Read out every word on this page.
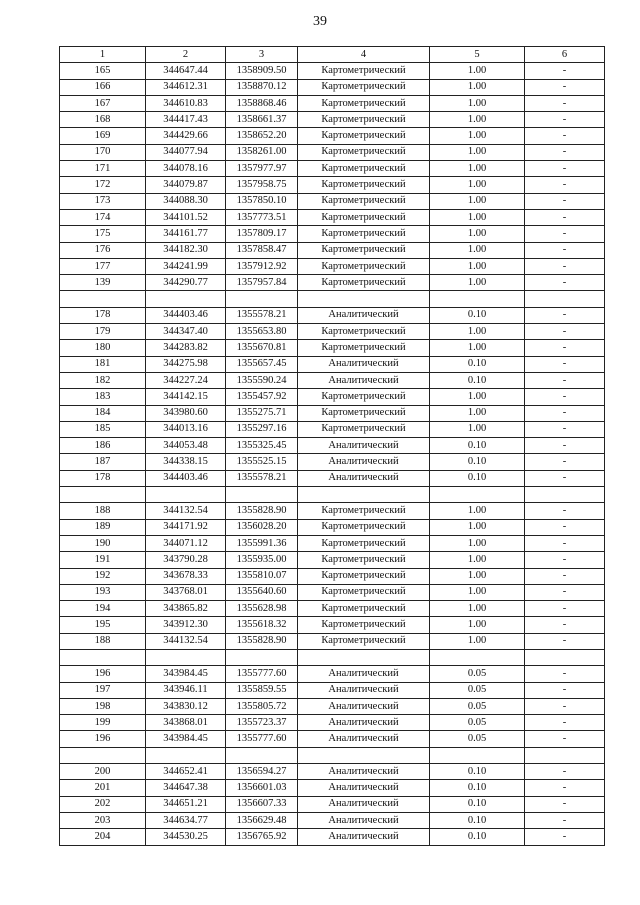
39
1	2	3	4	5	6
165	344647.44	1358909.50	Картометрический	1.00	-
166	344612.31	1358870.12	Картометрический	1.00	-
167	344610.83	1358868.46	Картометрический	1.00	-
168	344417.43	1358661.37	Картометрический	1.00	-
169	344429.66	1358652.20	Картометрический	1.00	-
170	344077.94	1358261.00	Картометрический	1.00	-
171	344078.16	1357977.97	Картометрический	1.00	-
172	344079.87	1357958.75	Картометрический	1.00	-
173	344088.30	1357850.10	Картометрический	1.00	-
174	344101.52	1357773.51	Картометрический	1.00	-
175	344161.77	1357809.17	Картометрический	1.00	-
176	344182.30	1357858.47	Картометрический	1.00	-
177	344241.99	1357912.92	Картометрический	1.00	-
139	344290.77	1357957.84	Картометрический	1.00	-

178	344403.46	1355578.21	Аналитический	0.10	-
179	344347.40	1355653.80	Картометрический	1.00	-
180	344283.82	1355670.81	Картометрический	1.00	-
181	344275.98	1355657.45	Аналитический	0.10	-
182	344227.24	1355590.24	Аналитический	0.10	-
183	344142.15	1355457.92	Картометрический	1.00	-
184	343980.60	1355275.71	Картометрический	1.00	-
185	344013.16	1355297.16	Картометрический	1.00	-
186	344053.48	1355325.45	Аналитический	0.10	-
187	344338.15	1355525.15	Аналитический	0.10	-
178	344403.46	1355578.21	Аналитический	0.10	-

188	344132.54	1355828.90	Картометрический	1.00	-
189	344171.92	1356028.20	Картометрический	1.00	-
190	344071.12	1355991.36	Картометрический	1.00	-
191	343790.28	1355935.00	Картометрический	1.00	-
192	343678.33	1355810.07	Картометрический	1.00	-
193	343768.01	1355640.60	Картометрический	1.00	-
194	343865.82	1355628.98	Картометрический	1.00	-
195	343912.30	1355618.32	Картометрический	1.00	-
188	344132.54	1355828.90	Картометрический	1.00	-

196	343984.45	1355777.60	Аналитический	0.05	-
197	343946.11	1355859.55	Аналитический	0.05	-
198	343830.12	1355805.72	Аналитический	0.05	-
199	343868.01	1355723.37	Аналитический	0.05	-
196	343984.45	1355777.60	Аналитический	0.05	-

200	344652.41	1356594.27	Аналитический	0.10	-
201	344647.38	1356601.03	Аналитический	0.10	-
202	344651.21	1356607.33	Аналитический	0.10	-
203	344634.77	1356629.48	Аналитический	0.10	-
204	344530.25	1356765.92	Аналитический	0.10	-
